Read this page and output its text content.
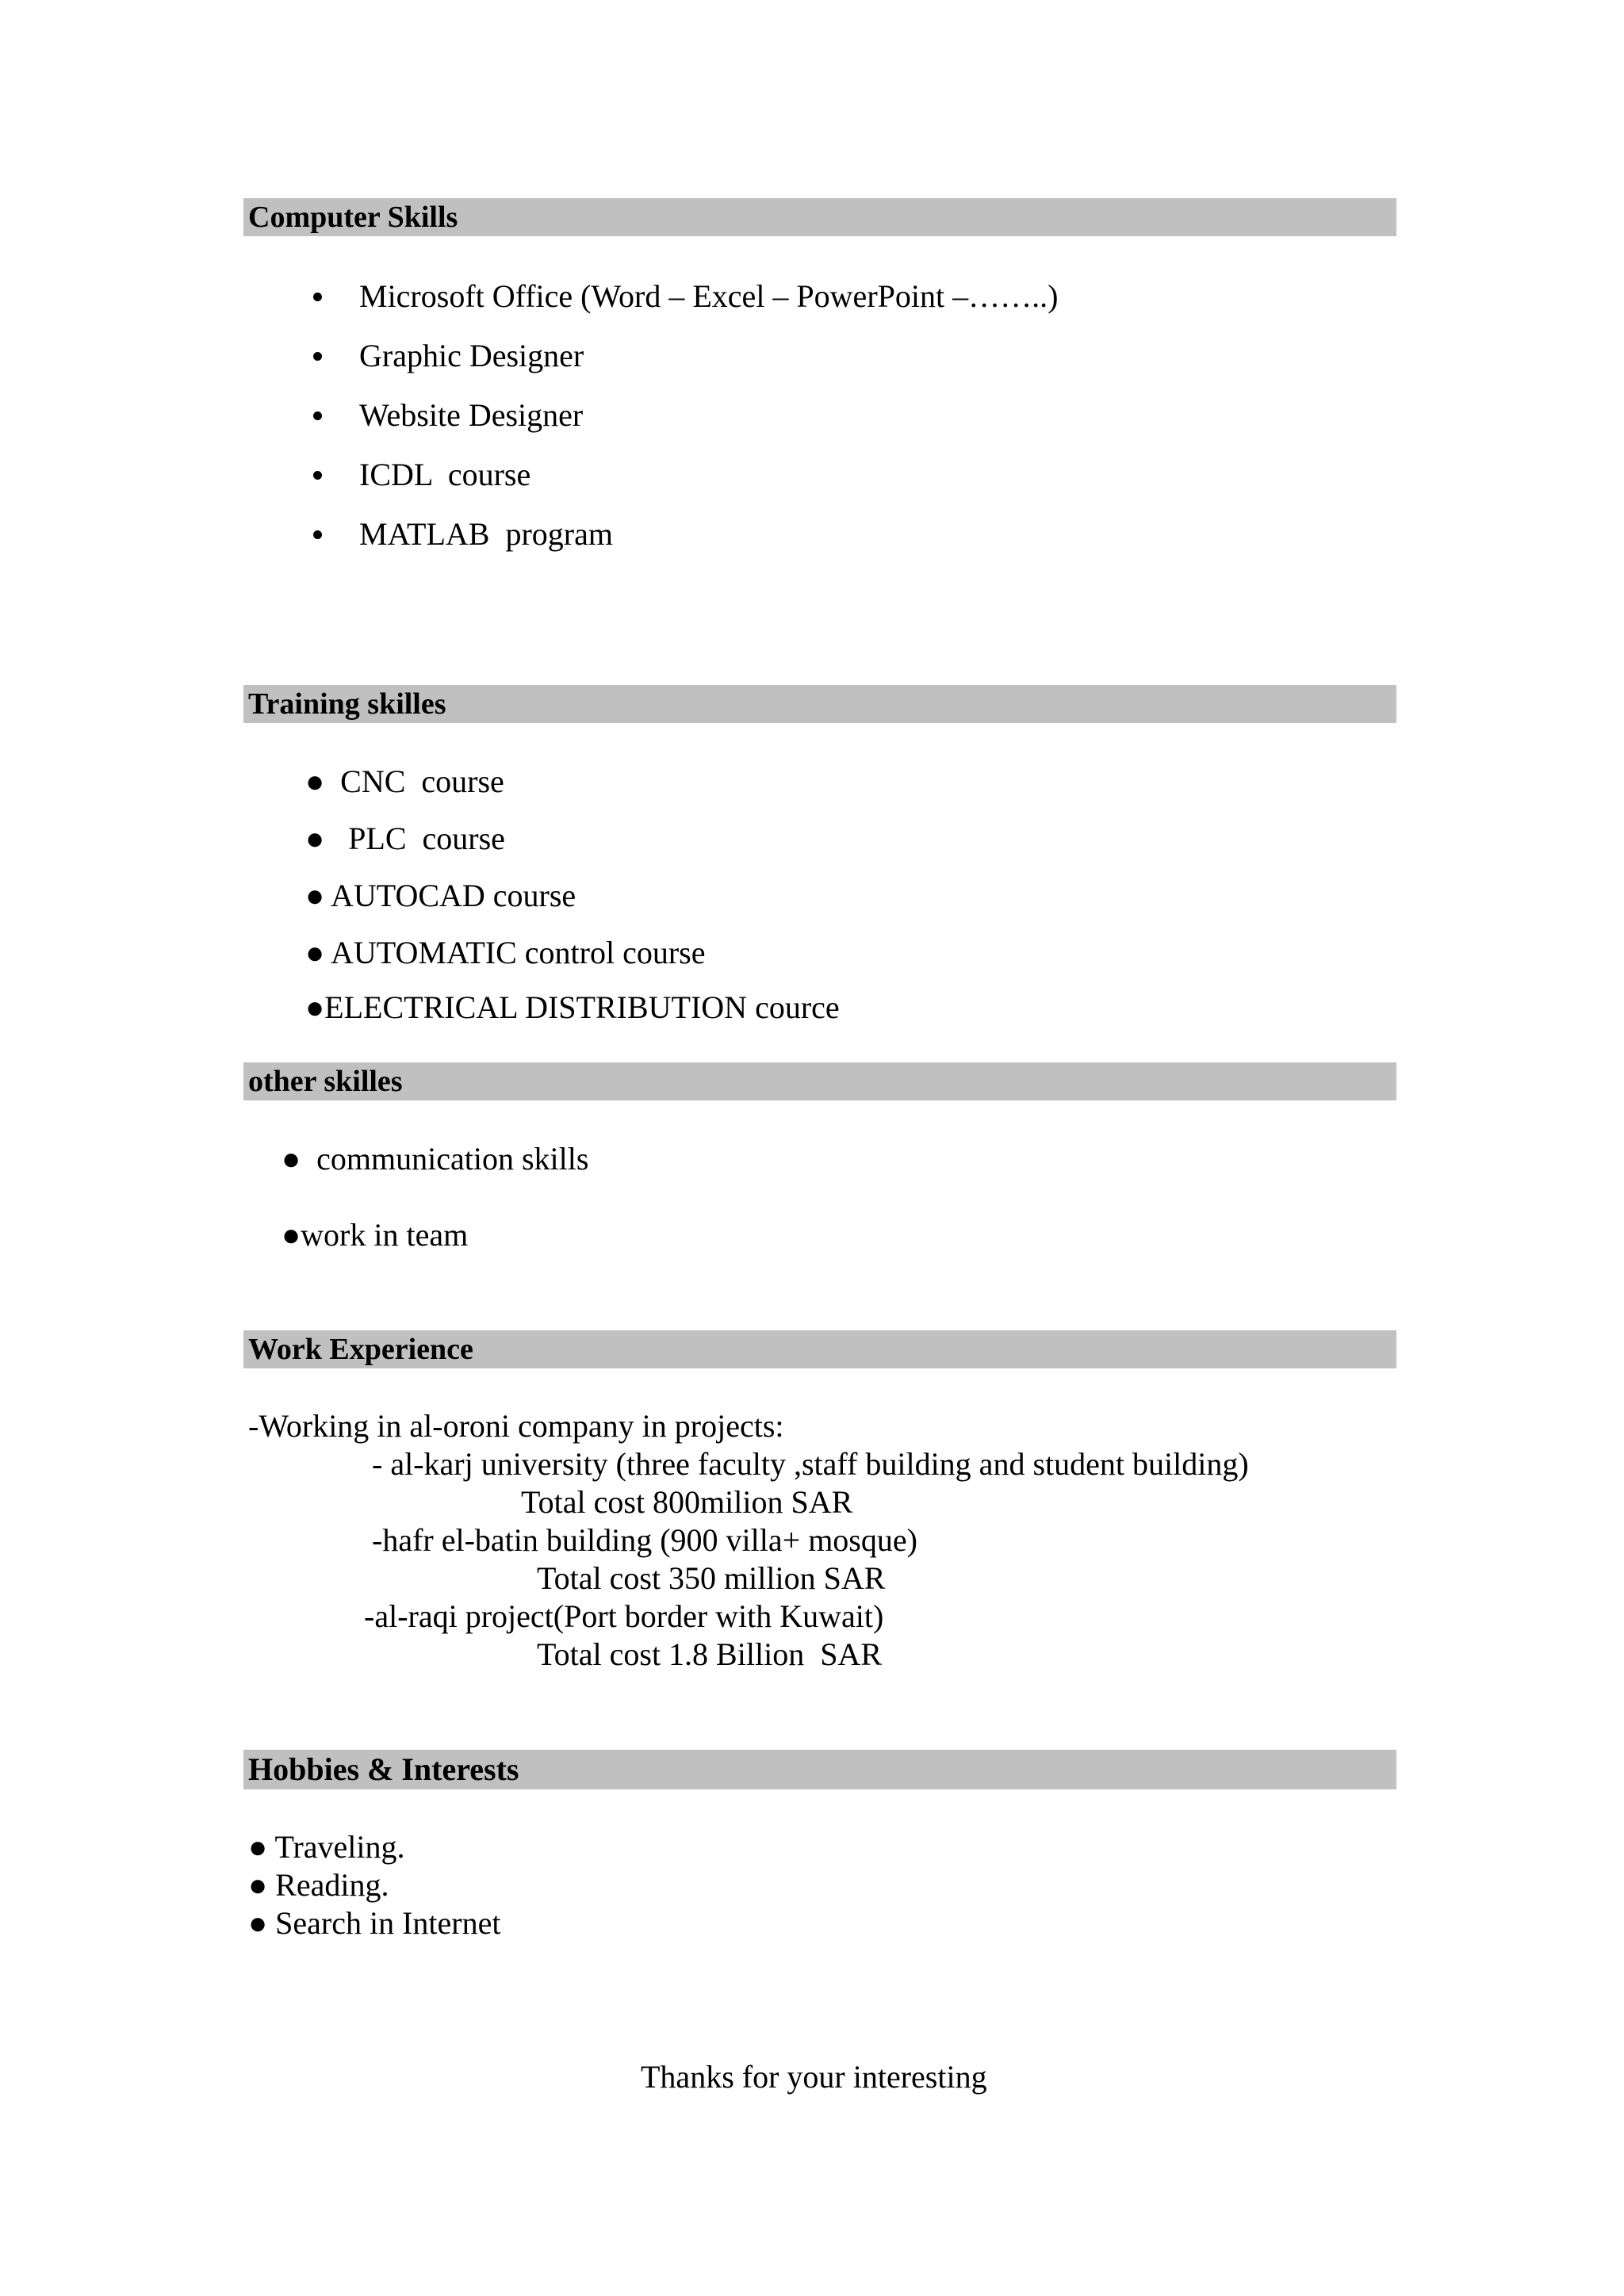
Computer Skills
Microsoft Office (Word – Excel – PowerPoint –……..)
Graphic Designer
Website Designer
ICDL  course
MATLAB  program
Training skilles
●  CNC  course
●   PLC  course
● AUTOCAD course
● AUTOMATIC control course
●ELECTRICAL DISTRIBUTION cource
other skilles
●  communication skills
●work in team
Work Experience
-Working in al-oroni company in projects:
- al-karj university (three faculty ,staff building and student building)
Total cost 800milion SAR
-hafr el-batin building (900 villa+ mosque)
Total cost 350 million SAR
-al-raqi project(Port border with Kuwait)
Total cost 1.8 Billion  SAR
Hobbies & Interests
● Traveling.
● Reading.
● Search in Internet
Thanks for your interesting
